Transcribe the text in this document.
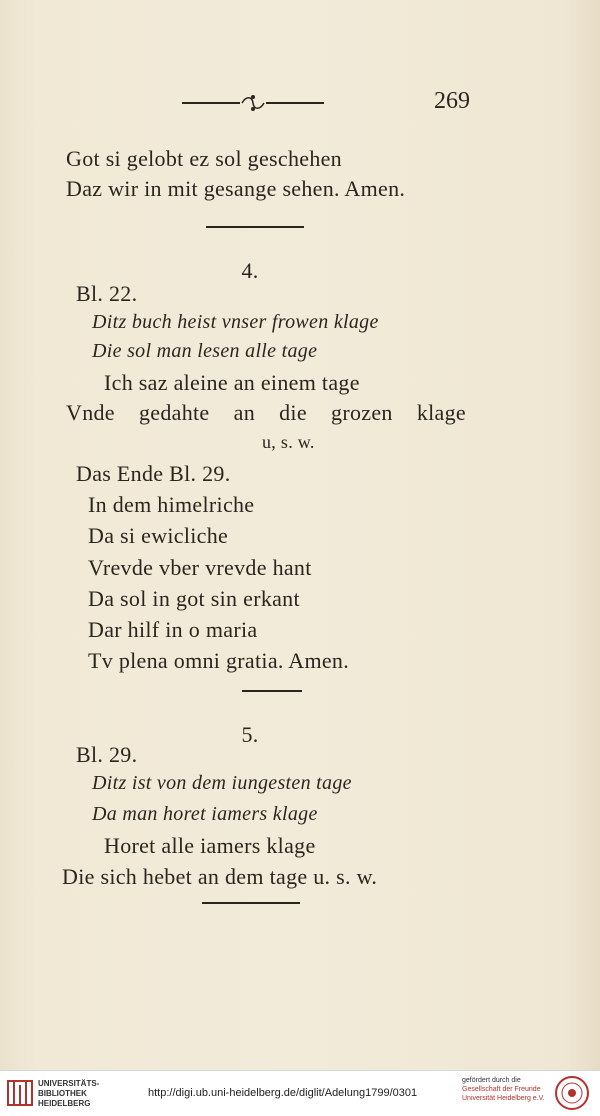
269
Got si gelobt ez sol geschehen
Daz wir in mit gesange sehen. Amen.
4.
Bl. 22.
Ditz buch heist vnser frowen klage
Die sol man lesen alle tage
Ich saz aleine an einem tage
Vnde gedahte an die grozen klage
u, s. w.
Das Ende Bl. 29.
In dem himelriche
Da si ewicliche
Vrevde vber vrevde hant
Da sol in got sin erkant
Dar hilf in o maria
Tv plena omni gratia. Amen.
5.
Bl. 29.
Ditz ist von dem iungesten tage
Da man horet iamers klage
Horet alle iamers klage
Die sich hebet an dem tage u. s. w.
UNIVERSITÄTS-
BIBLIOTHEK
HEIDELBERG
http://digi.ub.uni-heidelberg.de/diglit/Adelung1799/0301
gefördert durch die
Gesellschaft der Freunde
Universität Heidelberg e.V.
